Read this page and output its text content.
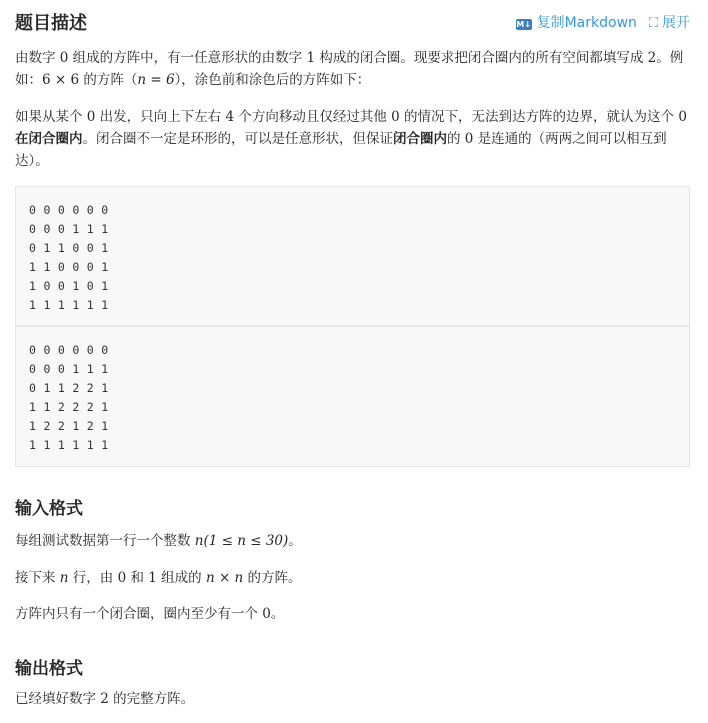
题目描述	M↓ 复制Markdown ⛶ 展开

由数字 0 组成的方阵中，有一任意形状的由数字 1 构成的闭合圈。现要求把闭合圈内的所有空间都填写成 2。例如：6 × 6 的方阵（n = 6），涂色前和涂色后的方阵如下：

如果从某个 0 出发，只向上下左右 4 个方向移动且仅经过其他 0 的情况下，无法到达方阵的边界，就认为这个 0 在闭合圈内。闭合圈不一定是环形的，可以是任意形状，但保证闭合圈内的 0 是连通的（两两之间可以相互到达）。

0 0 0 0 0 0
0 0 0 1 1 1
0 1 1 0 0 1
1 1 0 0 0 1
1 0 0 1 0 1
1 1 1 1 1 1
0 0 0 0 0 0
0 0 0 1 1 1
0 1 1 2 2 1
1 1 2 2 2 1
1 2 2 1 2 1
1 1 1 1 1 1
输入格式

每组测试数据第一行一个整数 n(1 ≤ n ≤ 30)。

接下来 n 行，由 0 和 1 组成的 n × n 的方阵。

方阵内只有一个闭合圈，圈内至少有一个 0。

输出格式

已经填好数字 2 的完整方阵。
